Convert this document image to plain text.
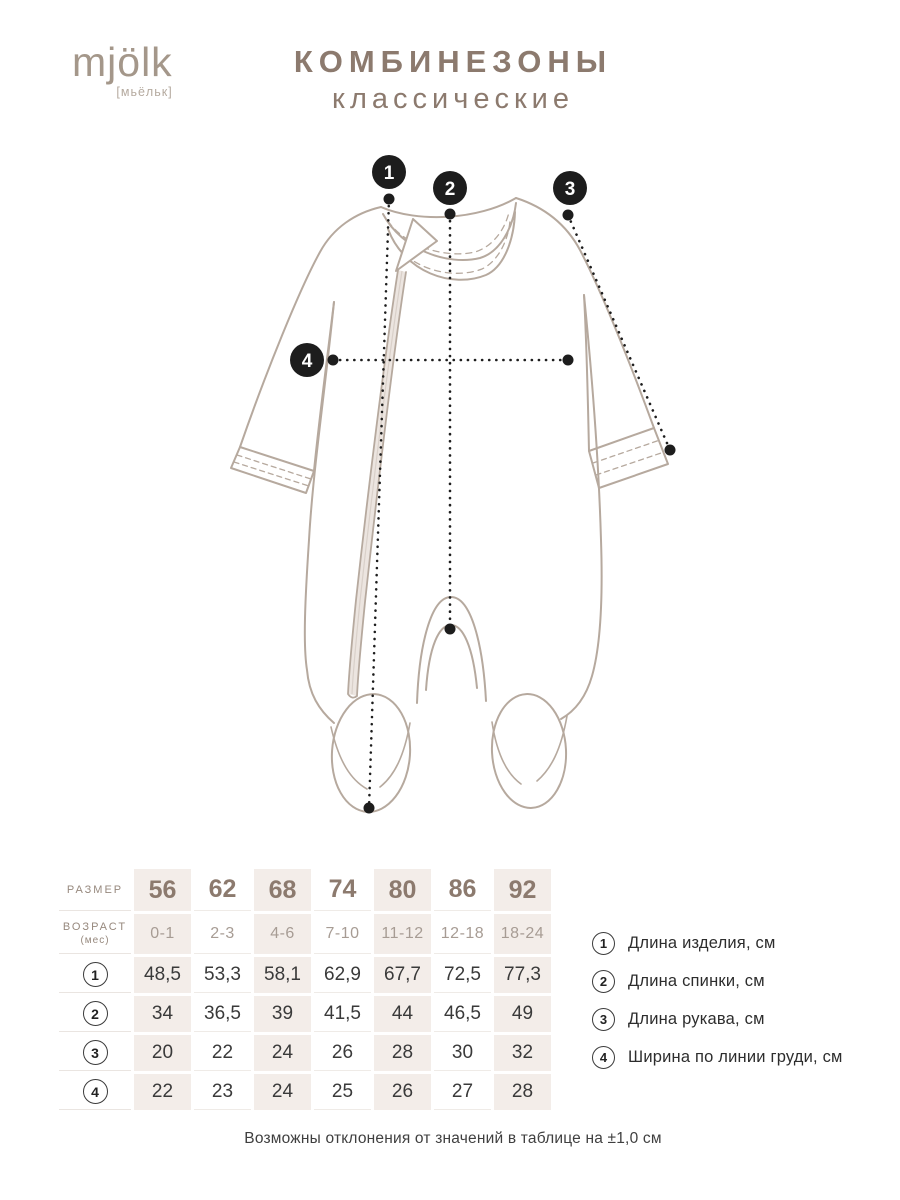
mjölk
[мьёльк]
КОМБИНЕЗОНЫ
классические
1
2	3
4
РАЗМЕР	56	62	68	74	80	86	92

ВОЗРАСТ
(мес)	0-1	2-3	4-6	7-10	11-12	12-18	18-24
1	48,5	53,3	58,1	62,9	67,7	72,5	77,3
2	34	36,5	39	41,5	44	46,5	49
3	20	22	24	26	28	30	32
4	22	23	24	25	26	27	28
1	Длина изделия, см
2	Длина спинки, см
3	Длина рукава, см
4	Ширина по линии груди, см
Возможны отклонения от значений в таблице на ±1,0 см
